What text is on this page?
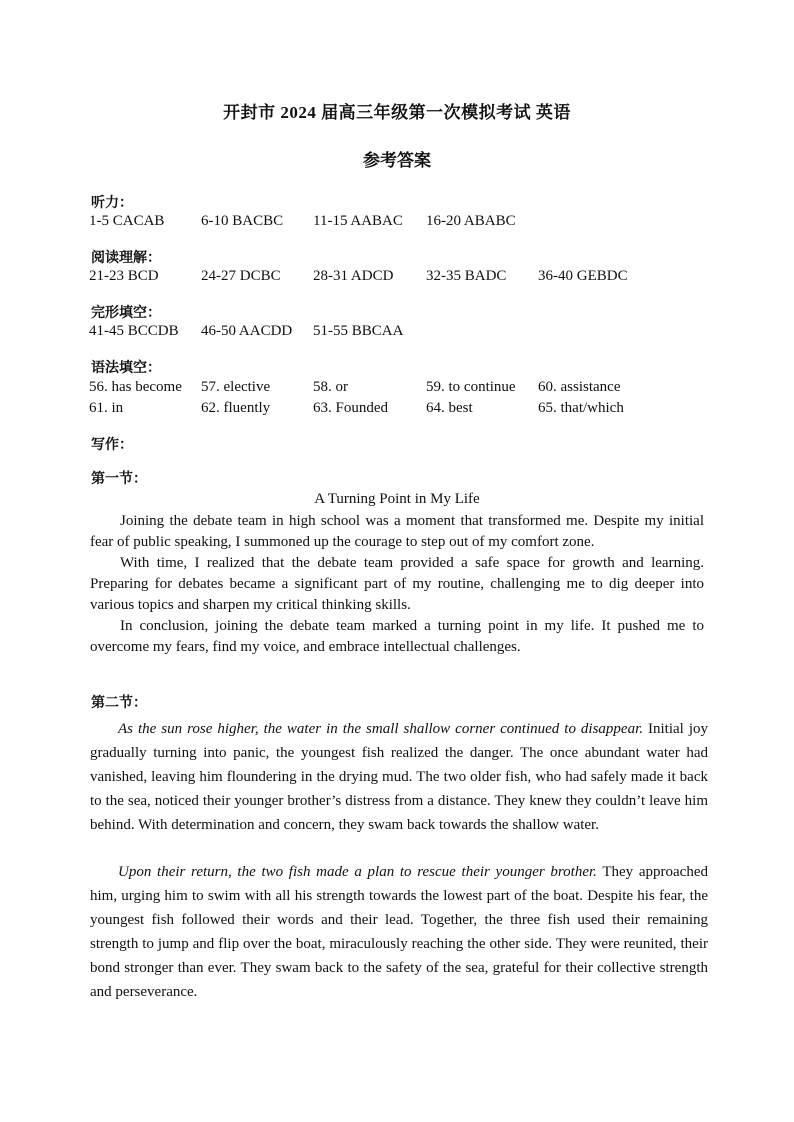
开封市 2024 届高三年级第一次模拟考试 英语
参考答案
听力：
1-5 CACAB 6-10 BACBC 11-15 AABAC 16-20 ABABC
阅读理解：
21-23 BCD	24-27 DCBC 28-31 ADCD 32-35 BADC 36-40 GEBDC
完形填空：
41-45 BCCDB 46-50 AACDD 51-55 BBCAA
语法填空：
56. has become 57. elective	58. or	59. to continue 60. assistance
61. in	62. fluently	63. Founded	64. best	65. that/which
写作：
第一节：
A Turning Point in My Life

Joining the debate team in high school was a moment that transformed me. Despite my initial fear of public speaking, I summoned up the courage to step out of my comfort zone.

With time, I realized that the debate team provided a safe space for growth and learning. Preparing for debates became a significant part of my routine, challenging me to dig deeper into various topics and sharpen my critical thinking skills.

In conclusion, joining the debate team marked a turning point in my life. It pushed me to overcome my fears, find my voice, and embrace intellectual challenges.

第二节：

As the sun rose higher, the water in the small shallow corner continued to disappear. Initial joy gradually turning into panic, the youngest fish realized the danger. The once abundant water had vanished, leaving him floundering in the drying mud. The two older fish, who had safely made it back to the sea, noticed their younger brother’s distress from a distance. They knew they couldn’t leave him behind. With determination and concern, they swam back towards the shallow water.

Upon their return, the two fish made a plan to rescue their younger brother. They approached him, urging him to swim with all his strength towards the lowest part of the boat. Despite his fear, the youngest fish followed their words and their lead. Together, the three fish used their remaining strength to jump and flip over the boat, miraculously reaching the other side. They were reunited, their bond stronger than ever. They swam back to the safety of the sea, grateful for their collective strength and perseverance.
